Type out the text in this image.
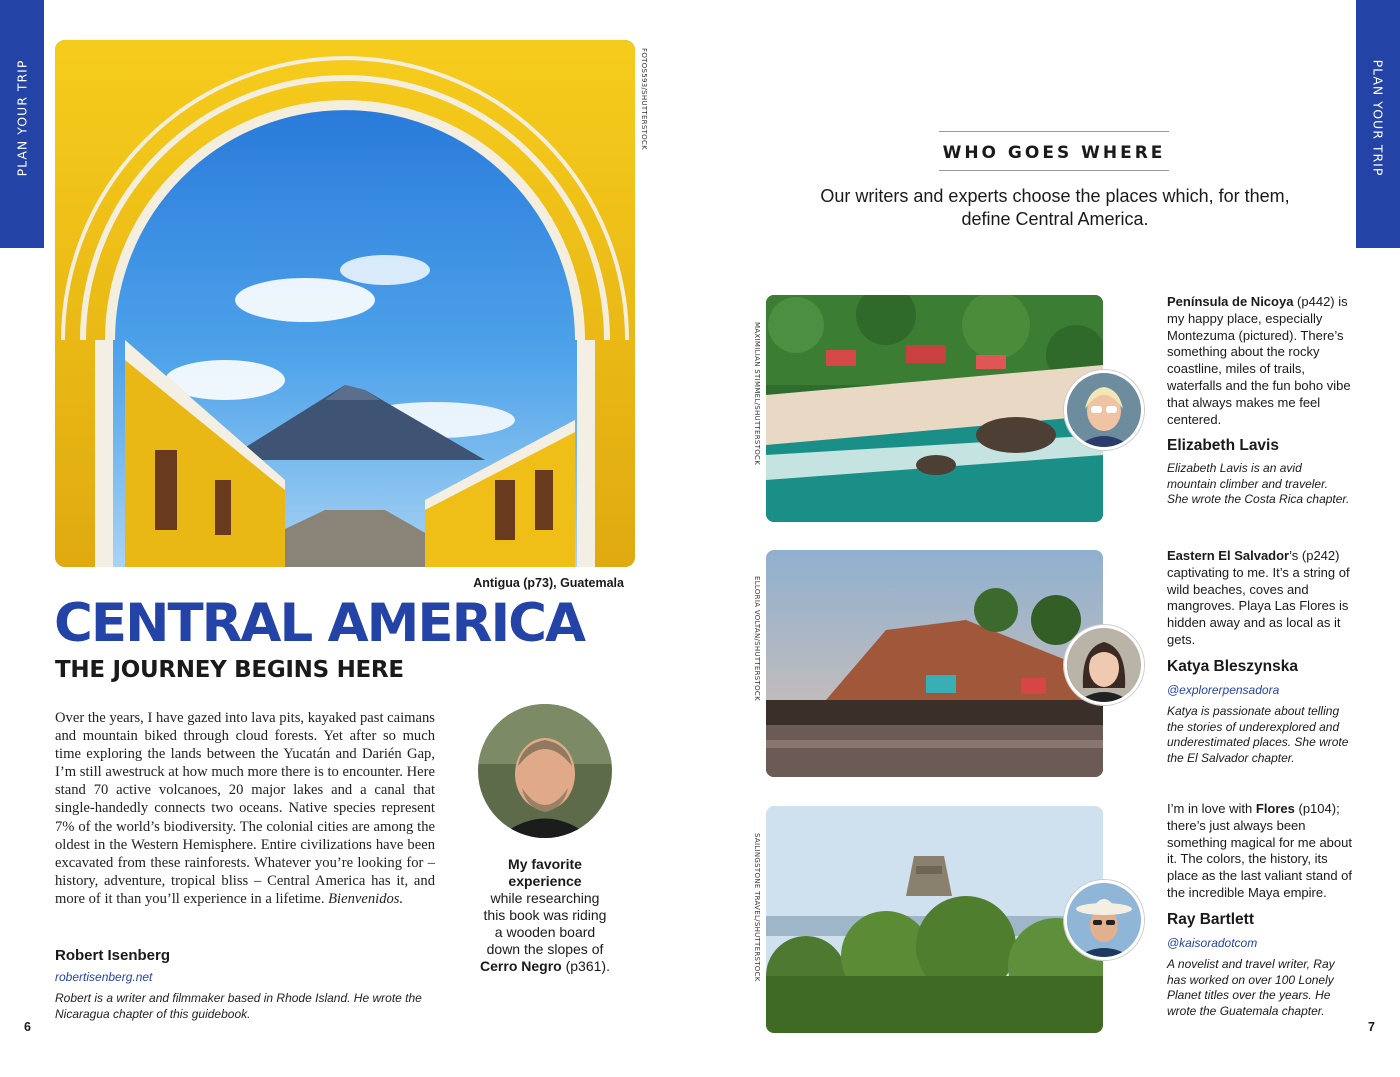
PLAN YOUR TRIP	PLAN YOUR TRIP
FOTOS593/SHUTTERSTOCK
Antigua (p73), Guatemala
CENTRAL AMERICA
THE JOURNEY BEGINS HERE
Over the years, I have gazed into lava pits, kayaked past caimans and mountain biked through cloud forests. Yet after so much time exploring the lands between the Yucatán and Darién Gap, I’m still awestruck at how much more there is to encounter. Here stand 70 active volcanoes, 20 major lakes and a canal that single-handedly connects two oceans. Native species represent 7% of the world’s biodiversity. The colonial cities are among the oldest in the Western Hemisphere. Entire civilizations have been excavated from these rainforests. Whatever you’re looking for – history, adventure, tropical bliss – Central America has it, and more of it than you’ll experience in a lifetime. Bienvenidos.
Robert Isenberg
robertisenberg.net
Robert is a writer and filmmaker based in Rhode Island. He wrote the Nicaragua chapter of this guidebook.
My favorite experience
while researching this book was riding a wooden board down the slopes of Cerro Negro (p361).
6
WHO GOES WHERE
Our writers and experts choose the places which, for them, define Central America.
MAXIMILIAN STIMMEL/SHUTTERSTOCK
Península de Nicoya (p442) is my happy place, especially Montezuma (pictured). There’s something about the rocky coastline, miles of trails, waterfalls and the fun boho vibe that always makes me feel centered.
Elizabeth Lavis
Elizabeth Lavis is an avid mountain climber and traveler. She wrote the Costa Rica chapter.
ELLORIA VOLTAN/SHUTTERSTOCK
Eastern El Salvador’s (p242) captivating to me. It’s a string of wild beaches, coves and mangroves. Playa Las Flores is hidden away and as local as it gets.
Katya Bleszynska
@explorerpensadora
Katya is passionate about telling the stories of underexplored and underestimated places. She wrote the El Salvador chapter.
SAILINGSTONE TRAVEL/SHUTTERSTOCK
I’m in love with Flores (p104); there’s just always been something magical for me about it. The colors, the history, its place as the last valiant stand of the incredible Maya empire.
Ray Bartlett
@kaisoradotcom
A novelist and travel writer, Ray has worked on over 100 Lonely Planet titles over the years. He wrote the Guatemala chapter.
7
